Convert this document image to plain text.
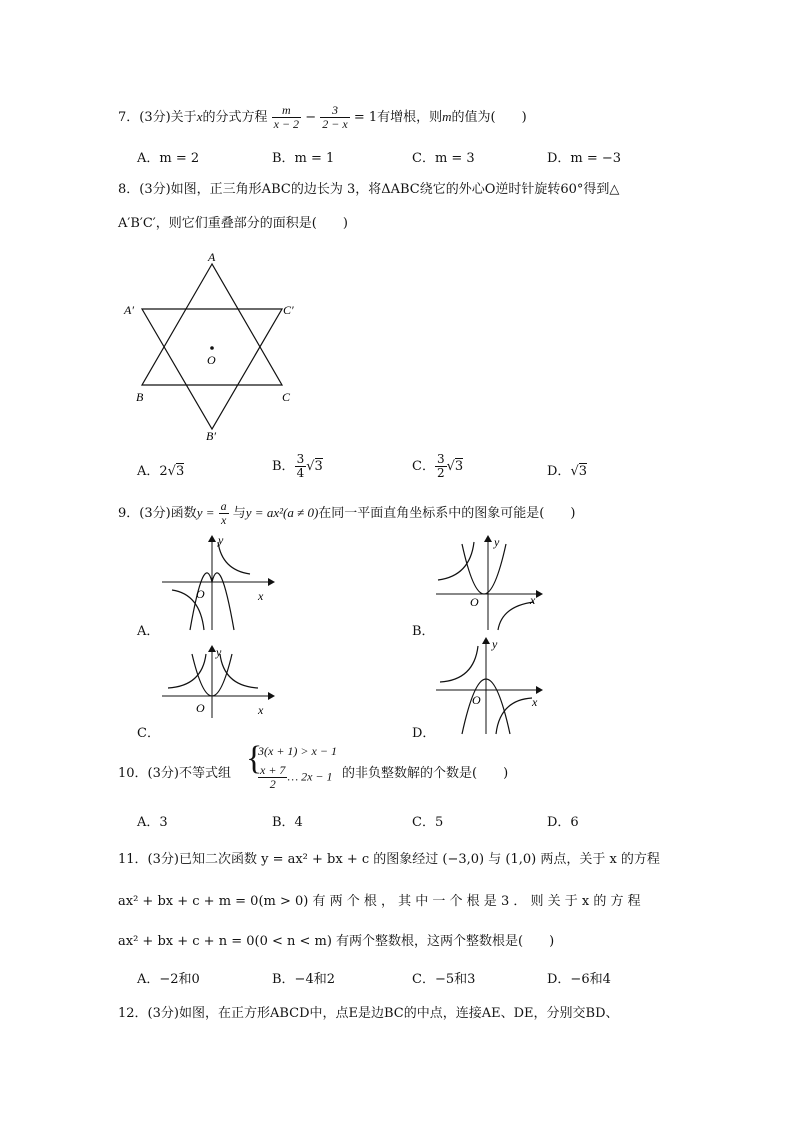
7．(3分)关于x的分式方程 $\frac{m}{x - 2} - \frac{3}{2 - x} = 1$有增根，则m的值为(　　)
A．m = 2	B．m = 1	C．m = 3	D．m = −3
8．(3分)如图，正三角形ABC的边长为 3，将ΔABC绕它的外心O逆时针旋转60°得到△
A′B′C′，则它们重叠部分的面积是(　　)
A
A′	C′
O
B	C
B′
A．2√3	B． $\frac{3}{4} √3$	C． $\frac{3}{2} √3$	D．√3
9．(3分)函数$y = \frac{a}{x}$ 与y = ax²(a ≠ 0)在同一平面直角坐标系中的图象可能是(　　)
y
x
O
A．
y
x
O
B．
y
x
O
C．
y
x
O
D．
10．(3分)不等式组 {
3(x + 1) > x − 1
$\frac{x + 7}{2}$ … 2x − 1 的非负整数解的个数是(　　)
A．3	B．4	C．5	D．6
11．(3分)已知二次函数 y = ax² + bx + c 的图象经过 (−3,0) 与 (1,0) 两点，关于 x 的方程
ax² + bx + c + m = 0(m > 0) 有 两 个 根 ， 其 中 一 个 根 是 3 ． 则 关 于 x 的 方 程
ax² + bx + c + n = 0(0 < n < m) 有两个整数根，这两个整数根是(　　)
A．−2和0	B．−4和2	C．−5和3	D．−6和4
12．(3分)如图，在正方形ABCD中，点E是边BC的中点，连接AE、DE，分别交BD、
